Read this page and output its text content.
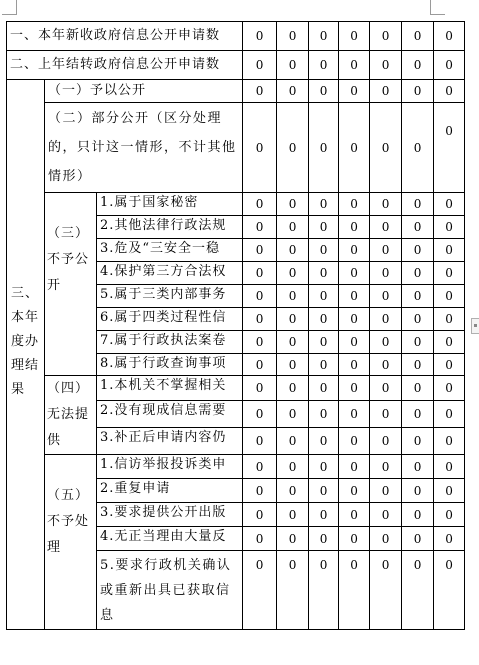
一、本年新收政府信息公开申请数			0	0	0	0	0	0	0
二、上年结转政府信息公开申请数			0	0	0	0	0	0	0

三、本年度办理结果	（一）予以公开		0	0	0	0	0	0	0

	（二）部分公开（区分处理的，只计这一情形，不计其他情形）		0	0	0	0	0	0	0

	（三）不予公开	1.属于国家秘密	0	0	0	0	0	0	0
		2.其他法律行政法规	0	0	0	0	0	0	0
		3.危及“三安全一稳	0	0	0	0	0	0	0
		4.保护第三方合法权	0	0	0	0	0	0	0
		5.属于三类内部事务	0	0	0	0	0	0	0
		6.属于四类过程性信	0	0	0	0	0	0	0
		7.属于行政执法案卷	0	0	0	0	0	0	0
		8.属于行政查询事项	0	0	0	0	0	0	0

	（四）无法提供	1.本机关不掌握相关	0	0	0	0	0	0	0
		2.没有现成信息需要	0	0	0	0	0	0	0
		3.补正后申请内容仍	0	0	0	0	0	0	0

	（五）不予处理	1.信访举报投诉类申	0	0	0	0	0	0	0
		2.重复申请	0	0	0	0	0	0	0
		3.要求提供公开出版	0	0	0	0	0	0	0
		4.无正当理由大量反	0	0	0	0	0	0	0
		5.要求行政机关确认或重新出具已获取信息	0	0	0	0	0	0	0
